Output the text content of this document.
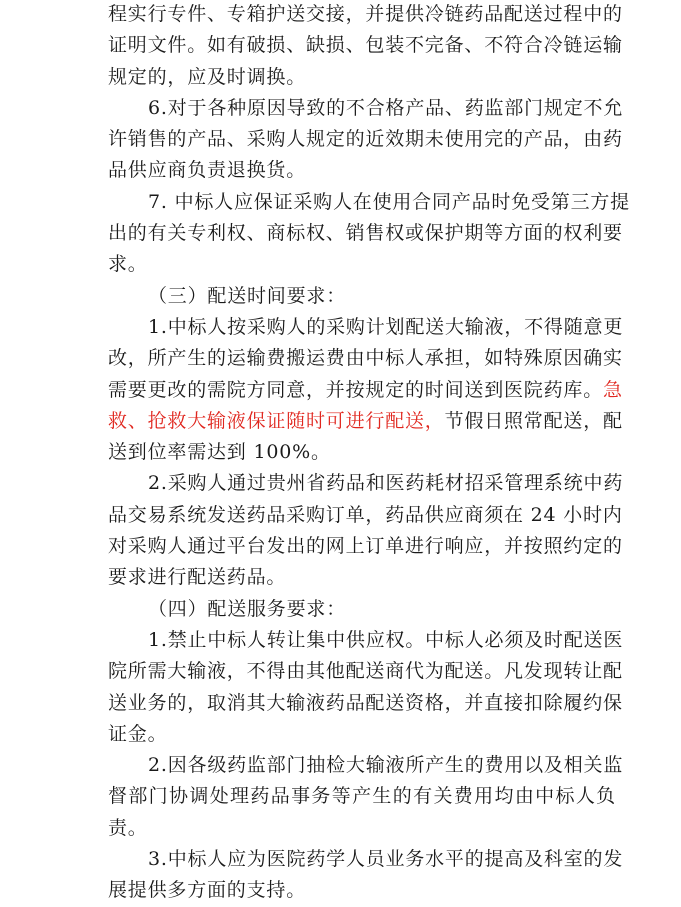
程实行专件、专箱护送交接，并提供冷链药品配送过程中的
证明文件。如有破损、缺损、包装不完备、不符合冷链运输
规定的，应及时调换。
6.对于各种原因导致的不合格产品、药监部门规定不允
许销售的产品、采购人规定的近效期未使用完的产品，由药
品供应商负责退换货。
7. 中标人应保证采购人在使用合同产品时免受第三方提
出的有关专利权、商标权、销售权或保护期等方面的权利要
求。
（三）配送时间要求：
1.中标人按采购人的采购计划配送大输液，不得随意更
改，所产生的运输费搬运费由中标人承担，如特殊原因确实
需要更改的需院方同意，并按规定的时间送到医院药库。急
救、抢救大输液保证随时可进行配送，节假日照常配送，配
送到位率需达到 100%。
2.采购人通过贵州省药品和医药耗材招采管理系统中药
品交易系统发送药品采购订单，药品供应商须在 24 小时内
对采购人通过平台发出的网上订单进行响应，并按照约定的
要求进行配送药品。
（四）配送服务要求：
1.禁止中标人转让集中供应权。中标人必须及时配送医
院所需大输液，不得由其他配送商代为配送。凡发现转让配
送业务的，取消其大输液药品配送资格，并直接扣除履约保
证金。
2.因各级药监部门抽检大输液所产生的费用以及相关监
督部门协调处理药品事务等产生的有关费用均由中标人负
责。
3.中标人应为医院药学人员业务水平的提高及科室的发
展提供多方面的支持。
